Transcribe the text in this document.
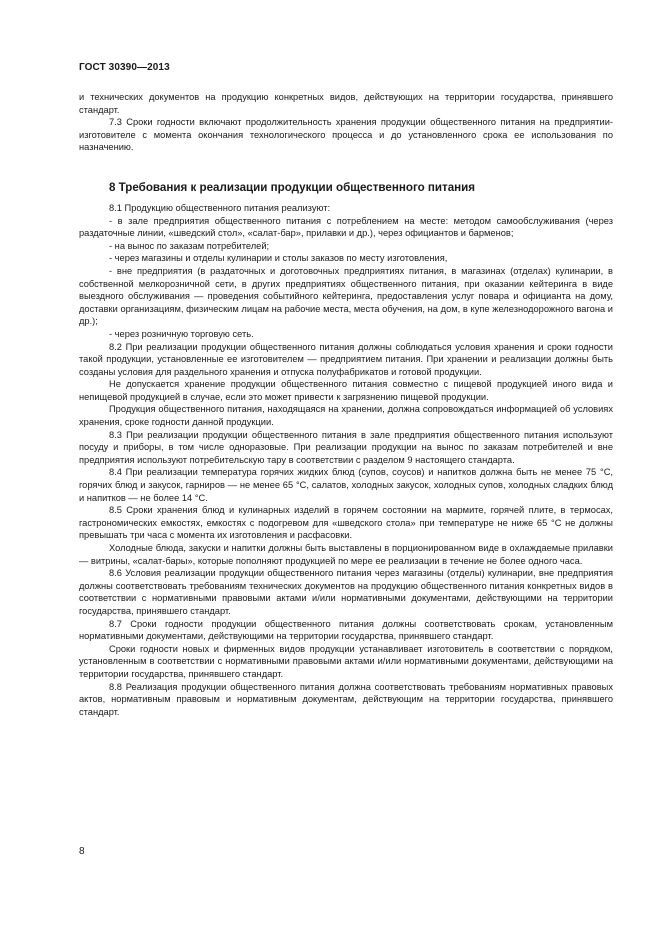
ГОСТ 30390—2013

и технических документов на продукцию конкретных видов, действующих на территории государства, принявшего стандарт.

7.3 Сроки годности включают продолжительность хранения продукции общественного питания на предприятии-изготовителе с момента окончания технологического процесса и до установленного срока ее использования по назначению.

8 Требования к реализации продукции общественного питания

8.1 Продукцию общественного питания реализуют:

- в зале предприятия общественного питания с потреблением на месте: методом самообслуживания (через раздаточные линии, «шведский стол», «салат-бар», прилавки и др.), через официантов и барменов;

- на вынос по заказам потребителей;

- через магазины и отделы кулинарии и столы заказов по месту изготовления,

- вне предприятия (в раздаточных и доготовочных предприятиях питания, в магазинах (отделах) кулинарии, в собственной мелкорозничной сети, в других предприятиях общественного питания, при оказании кейтеринга в виде выездного обслуживания — проведения событийного кейтеринга, предоставления услуг повара и официанта на дому, доставки организациям, физическим лицам на рабочие места, места обучения, на дом, в купе железнодорожного вагона и др.);

- через розничную торговую сеть.

8.2 При реализации продукции общественного питания должны соблюдаться условия хранения и сроки годности такой продукции, установленные ее изготовителем — предприятием питания. При хранении и реализации должны быть созданы условия для раздельного хранения и отпуска полуфабрикатов и готовой продукции.

Не допускается хранение продукции общественного питания совместно с пищевой продукцией иного вида и непищевой продукцией в случае, если это может привести к загрязнению пищевой продукции.

Продукция общественного питания, находящаяся на хранении, должна сопровождаться информацией об условиях хранения, сроке годности данной продукции.

8.3 При реализации продукции общественного питания в зале предприятия общественного питания используют посуду и приборы, в том числе одноразовые. При реализации продукции на вынос по заказам потребителей и вне предприятия используют потребительскую тару в соответствии с разделом 9 настоящего стандарта.

8.4 При реализации температура горячих жидких блюд (супов, соусов) и напитков должна быть не менее 75 °С, горячих блюд и закусок, гарниров — не менее 65 °С, салатов, холодных закусок, холодных супов, холодных сладких блюд и напитков — не более 14 °С.

8.5 Сроки хранения блюд и кулинарных изделий в горячем состоянии на мармите, горячей плите, в термосах, гастрономических емкостях, емкостях с подогревом для «шведского стола» при температуре не ниже 65 °С не должны превышать три часа с момента их изготовления и расфасовки.

Холодные блюда, закуски и напитки должны быть выставлены в порционированном виде в охлаждаемые прилавки — витрины, «салат-бары», которые пополняют продукцией по мере ее реализации в течение не более одного часа.

8.6 Условия реализации продукции общественного питания через магазины (отделы) кулинарии, вне предприятия должны соответствовать требованиям технических документов на продукцию общественного питания конкретных видов в соответствии с нормативными правовыми актами и/или нормативными документами, действующими на территории государства, принявшего стандарт.

8.7 Сроки годности продукции общественного питания должны соответствовать срокам, установленным нормативными документами, действующими на территории государства, принявшего стандарт.

Сроки годности новых и фирменных видов продукции устанавливает изготовитель в соответствии с порядком, установленным в соответствии с нормативными правовыми актами и/или нормативными документами, действующими на территории государства, принявшего стандарт.

8.8 Реализация продукции общественного питания должна соответствовать требованиям нормативных правовых актов, нормативным правовым и нормативным документам, действующим на территории государства, принявшего стандарт.

8
